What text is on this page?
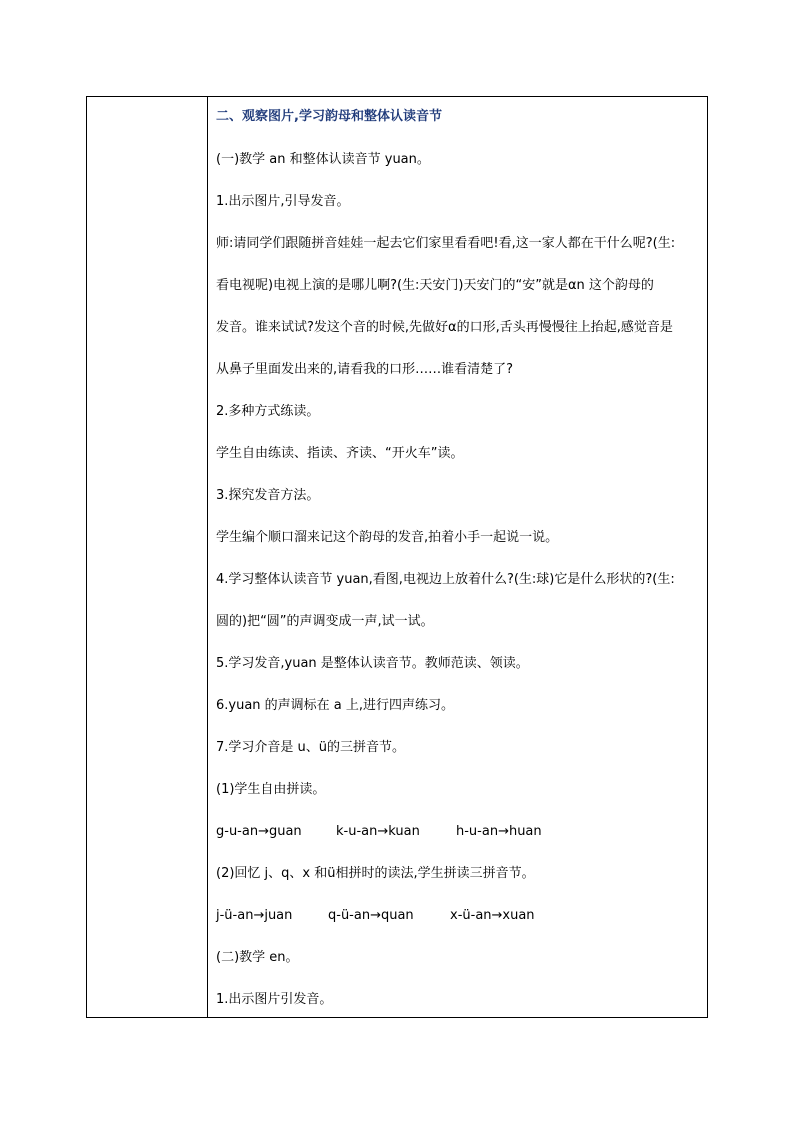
二、观察图片,学习韵母和整体认读音节
(一)教学 an 和整体认读音节 yuan。
1.出示图片,引导发音。
师:请同学们跟随拼音娃娃一起去它们家里看看吧!看,这一家人都在干什么呢?(生:
看电视呢)电视上演的是哪儿啊?(生:天安门)天安门的“安”就是αn 这个韵母的
发音。谁来试试?发这个音的时候,先做好α的口形,舌头再慢慢往上抬起,感觉音是
从鼻子里面发出来的,请看我的口形……谁看清楚了?
2.多种方式练读。
学生自由练读、指读、齐读、“开火车”读。
3.探究发音方法。
学生编个顺口溜来记这个韵母的发音,拍着小手一起说一说。
4.学习整体认读音节 yuan,看图,电视边上放着什么?(生:球)它是什么形状的?(生:
圆的)把“圆”的声调变成一声,试一试。
5.学习发音,yuan 是整体认读音节。教师范读、领读。
6.yuan 的声调标在 a 上,进行四声练习。
7.学习介音是 u、ü的三拼音节。
(1)学生自由拼读。
g-u-an→guan	k-u-an→kuan	h-u-an→huan
(2)回忆 j、q、x 和ü相拼时的读法,学生拼读三拼音节。
j-ü-an→juan	q-ü-an→quan	x-ü-an→xuan
(二)教学 en。
1.出示图片引发音。
